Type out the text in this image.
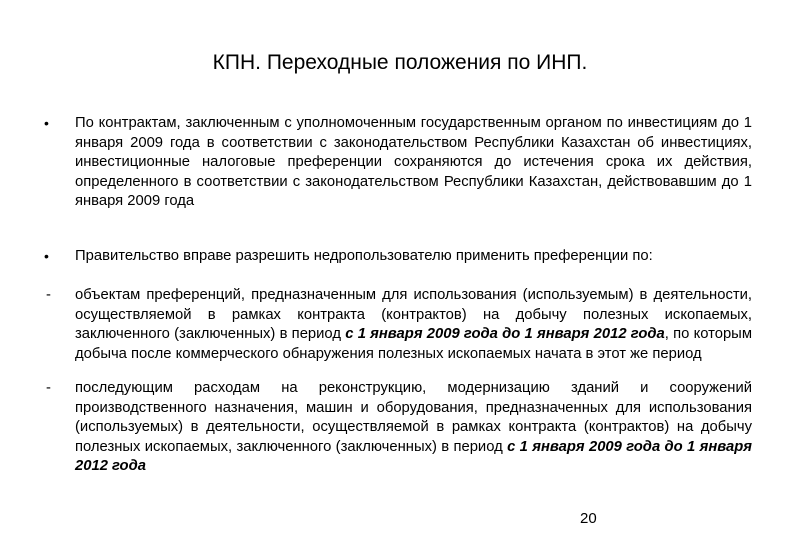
КПН. Переходные положения по ИНП.
• По контрактам, заключенным с уполномоченным государственным органом по инвестициям до 1 января 2009 года в соответствии с законодательством Республики Казахстан об инвестициях, инвестиционные налоговые преференции сохраняются до истечения срока их действия, определенного в соответствии с законодательством Республики Казахстан, действовавшим до 1 января 2009 года
• Правительство вправе разрешить недропользователю применить преференции по:
- объектам преференций, предназначенным для использования (используемым) в деятельности, осуществляемой в рамках контракта (контрактов) на добычу полезных ископаемых, заключенного (заключенных) в период с 1 января 2009 года до 1 января 2012 года, по которым добыча после коммерческого обнаружения полезных ископаемых начата в этот же период
- последующим расходам на реконструкцию, модернизацию зданий и сооружений производственного назначения, машин и оборудования, предназначенных для использования (используемых) в деятельности, осуществляемой в рамках контракта (контрактов) на добычу полезных ископаемых, заключенного (заключенных) в период с 1 января 2009 года до 1 января 2012 года
20
